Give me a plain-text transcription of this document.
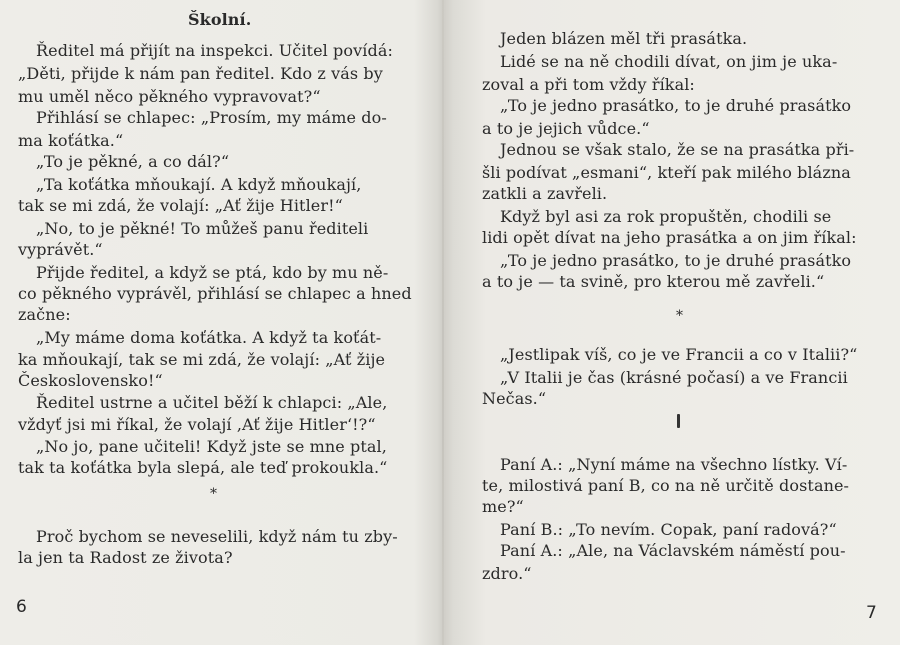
Školní.
Ředitel má přijít na inspekci. Učitel povídá:
„Děti, přijde k nám pan ředitel. Kdo z vás by
mu uměl něco pěkného vypravovat?“
Přihlásí se chlapec: „Prosím, my máme do-
ma koťátka.“
„To je pěkné, a co dál?“
„Ta koťátka mňoukají. A když mňoukají,
tak se mi zdá, že volají: „Ať žije Hitler!“
„No, to je pěkné! To můžeš panu řediteli
vyprávět.“
Přijde ředitel, a když se ptá, kdo by mu ně-
co pěkného vyprávěl, přihlásí se chlapec a hned
začne:
„My máme doma koťátka. A když ta koťát-
ka mňoukají, tak se mi zdá, že volají: „Ať žije
Československo!“
Ředitel ustrne a učitel běží k chlapci: „Ale,
vždyť jsi mi říkal, že volají ‚Ať žije Hitler‘!?“
„No jo, pane učiteli! Když jste se mne ptal,
tak ta koťátka byla slepá, ale teď prokoukla.“
*
Proč bychom se neveselili, když nám tu zby-
la jen ta Radost ze života?
6
Jeden blázen měl tři prasátka.
Lidé se na ně chodili dívat, on jim je uka-
zoval a při tom vždy říkal:
„To je jedno prasátko, to je druhé prasátko
a to je jejich vůdce.“
Jednou se však stalo, že se na prasátka při-
šli podívat „esmani“, kteří pak milého blázna
zatkli a zavřeli.
Když byl asi za rok propuštěn, chodili se
lidi opět dívat na jeho prasátka a on jim říkal:
„To je jedno prasátko, to je druhé prasátko
a to je — ta svině, pro kterou mě zavřeli.“
*
„Jestlipak víš, co je ve Francii a co v Italii?“
„V Italii je čas (krásné počasí) a ve Francii
Nečas.“
Paní A.: „Nyní máme na všechno lístky. Ví-
te, milostivá paní B, co na ně určitě dostane-
me?“
Paní B.: „To nevím. Copak, paní radová?“
Paní A.: „Ale, na Václavském náměstí pou-
zdro.“
7
